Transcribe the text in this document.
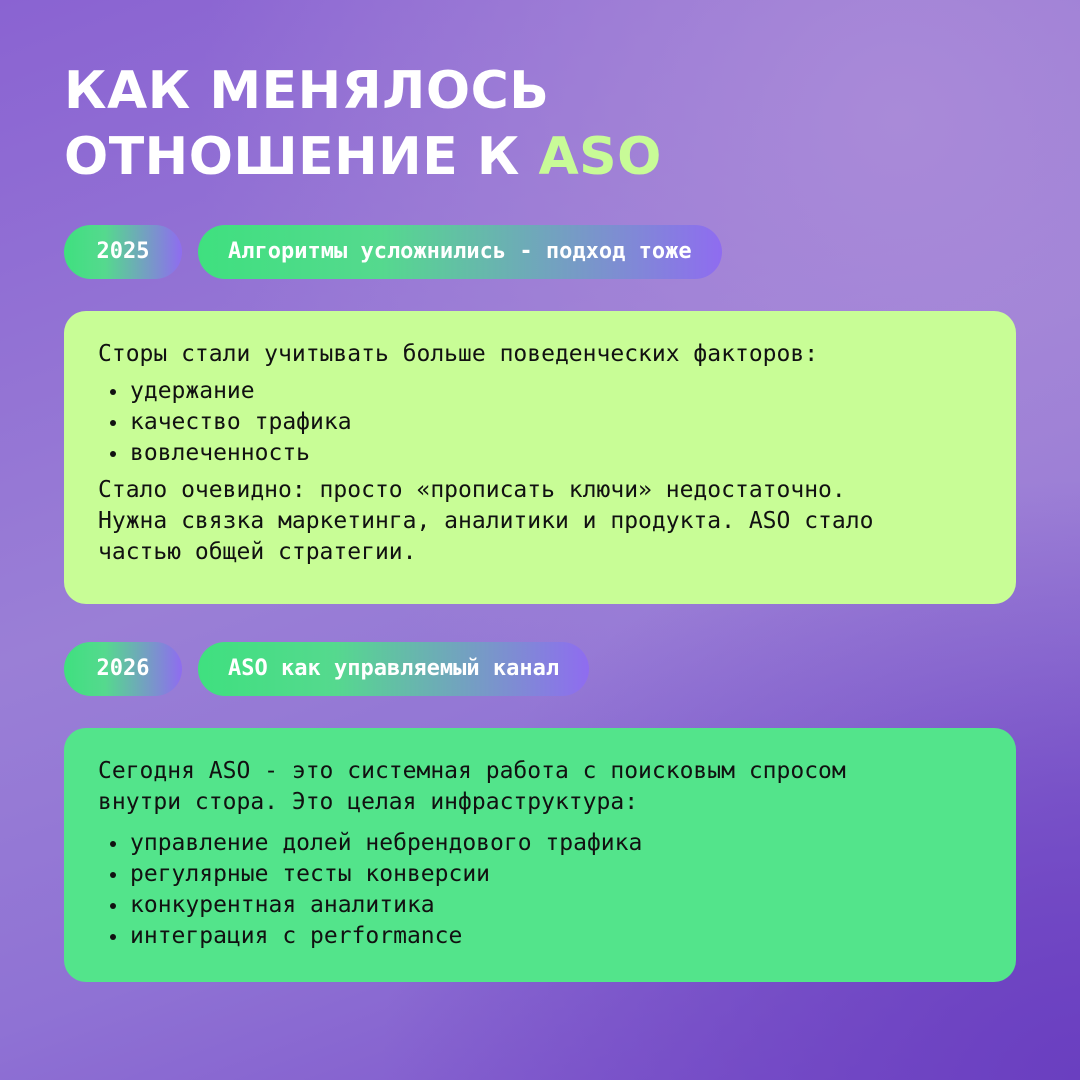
КАК МЕНЯЛОСЬ
ОТНОШЕНИЕ К ASO
2025	Алгоритмы усложнились - подход тоже

Сторы стали учитывать больше поведенческих факторов:

удержание
качество трафика
вовлеченность

Стало очевидно: просто «прописать ключи» недостаточно.
Нужна связка маркетинга, аналитики и продукта. ASO стало
частью общей стратегии.

2026	ASO как управляемый канал

Сегодня ASO - это системная работа с поисковым спросом
внутри стора. Это целая инфраструктура:

управление долей небрендового трафика
регулярные тесты конверсии
конкурентная аналитика
интеграция с performance
